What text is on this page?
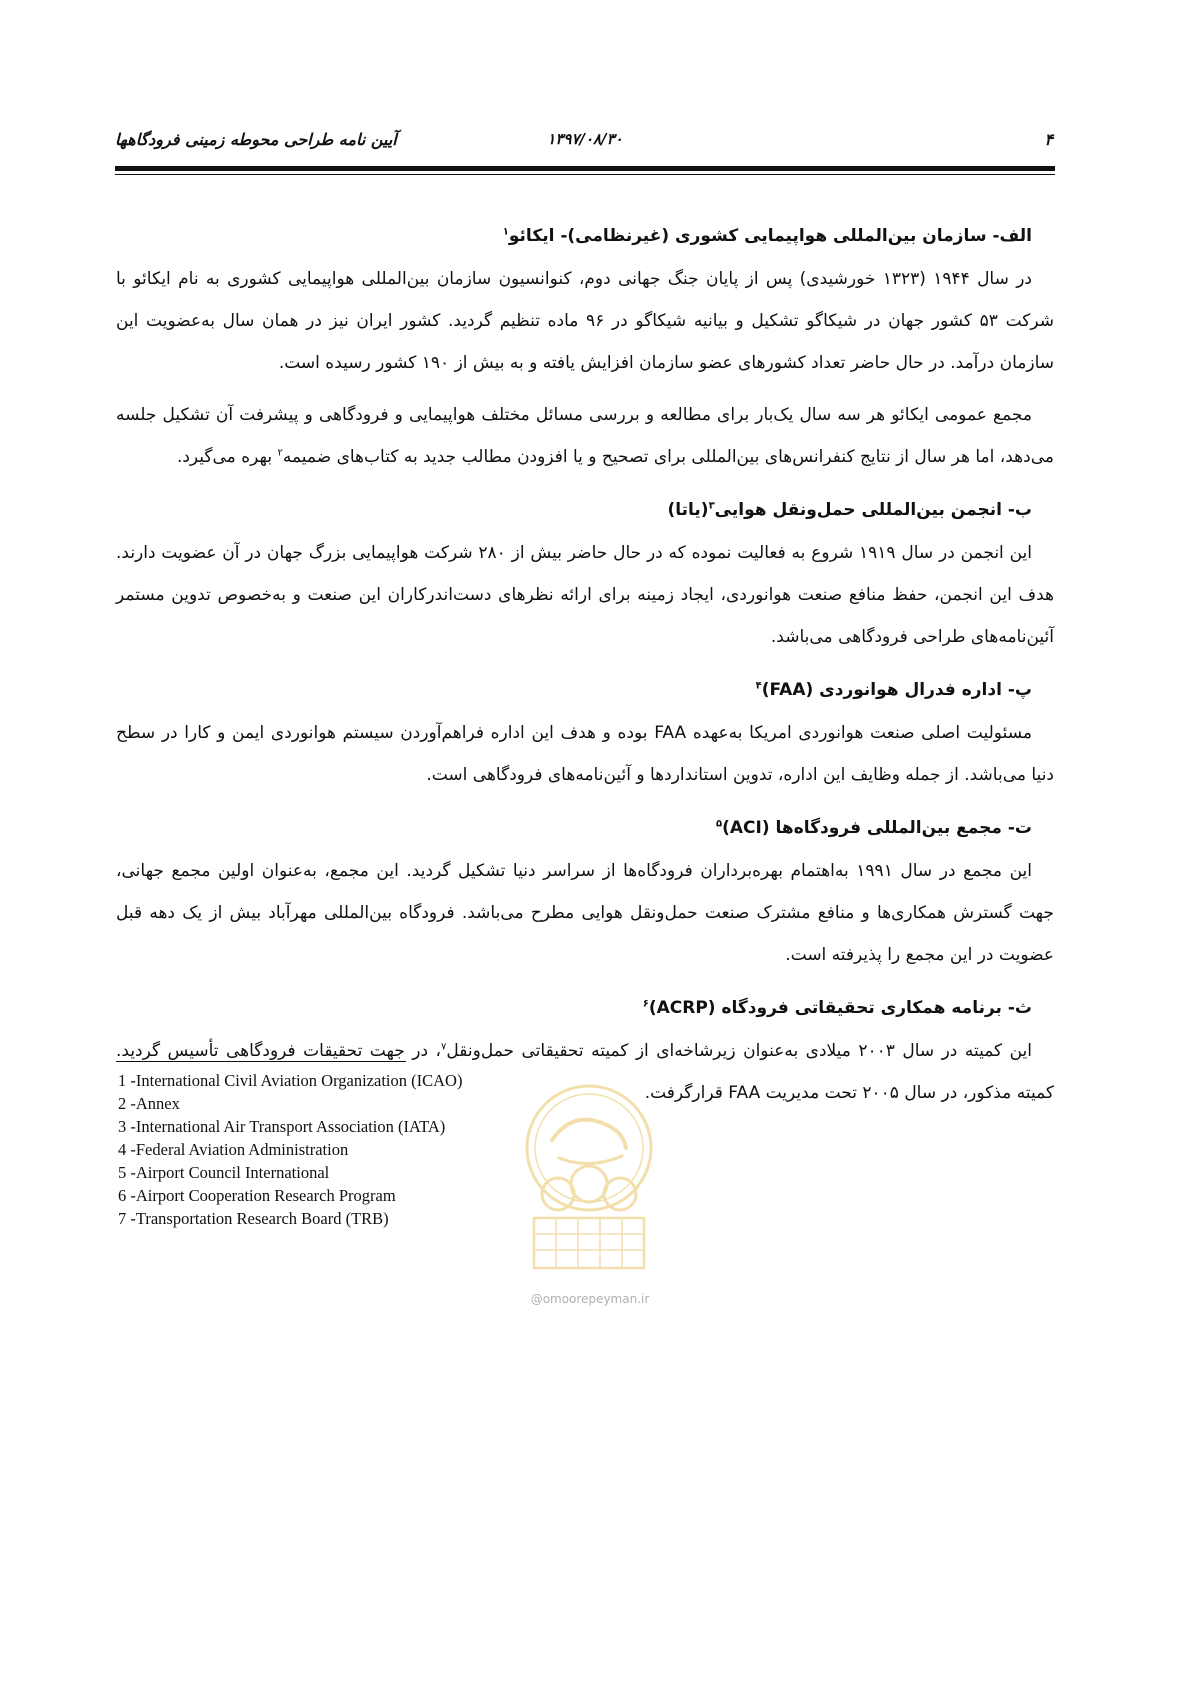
۴
۱۳۹۷/۰۸/۳۰
آیین نامه طراحی محوطه زمینی فرودگاهها
الف- سازمان بین‌المللی هواپیمایی کشوری (غیرنظامی)- ایکائو$^۱$

در سال ۱۹۴۴ (۱۳۲۳ خورشیدی) پس از پایان جنگ جهانی دوم، کنوانسیون سازمان بین‌المللی هواپیمایی کشوری به نام ایکائو با شرکت ۵۳ کشور جهان در شیکاگو تشکیل و بیانیه شیکاگو در ۹۶ ماده تنظیم گردید. کشور ایران نیز در همان سال به‌عضویت این سازمان درآمد. در حال حاضر تعداد کشورهای عضو سازمان افزایش یافته و به بیش از ۱۹۰ کشور رسیده است.

مجمع عمومی ایکائو هر سه سال یک‌بار برای مطالعه و بررسی مسائل مختلف هواپیمایی و فرودگاهی و پیشرفت آن تشکیل جلسه می‌دهد، اما هر سال از نتایج کنفرانس‌های بین‌المللی برای تصحیح و یا افزودن مطالب جدید به کتاب‌های ضمیمه$^۲$ بهره می‌گیرد.

ب- انجمن بین‌المللی حمل‌ونقل هوایی$^۳$(یاتا)

این انجمن در سال ۱۹۱۹ شروع به فعالیت نموده که در حال حاضر بیش از ۲۸۰ شرکت هواپیمایی بزرگ جهان در آن عضویت دارند. هدف این انجمن، حفظ منافع صنعت هوانوردی، ایجاد زمینه برای ارائه نظرهای دست‌اندرکاران این صنعت و به‌خصوص تدوین مستمر آئین‌نامه‌های طراحی فرودگاهی می‌باشد.

پ- اداره فدرال هوانوردی (FAA)$^۴$

مسئولیت اصلی صنعت هوانوردی امریکا به‌عهده FAA بوده و هدف این اداره فراهم‌آوردن سیستم هوانوردی ایمن و کارا در سطح دنیا می‌باشد. از جمله وظایف این اداره، تدوین استانداردها و آئین‌نامه‌های فرودگاهی است.

ت- مجمع بین‌المللی فرودگاه‌ها (ACI)$^۵$

این مجمع در سال ۱۹۹۱ به‌اهتمام بهره‌برداران فرودگاه‌ها از سراسر دنیا تشکیل گردید. این مجمع، به‌عنوان اولین مجمع جهانی، جهت گسترش همکاری‌ها و منافع مشترک صنعت حمل‌ونقل هوایی مطرح می‌باشد. فرودگاه بین‌المللی مهرآباد بیش از یک دهه قبل عضویت در این مجمع را پذیرفته است.

ث- برنامه همکاری تحقیقاتی فرودگاه (ACRP)$^۶$

این کمیته در سال ۲۰۰۳ میلادی به‌عنوان زیرشاخه‌ای از کمیته تحقیقاتی حمل‌ونقل$^۷$، در جهت تحقیقات فرودگاهی تأسیس گردید. کمیته مذکور، در سال ۲۰۰۵ تحت مدیریت FAA قرارگرفت.

@omoorepeyman.ir
1 -International Civil Aviation Organization (ICAO)
2 -Annex
3 -International Air Transport Association (IATA)
4 -Federal Aviation Administration
5 -Airport Council International
6 -Airport Cooperation Research Program
7 -Transportation Research Board (TRB)
